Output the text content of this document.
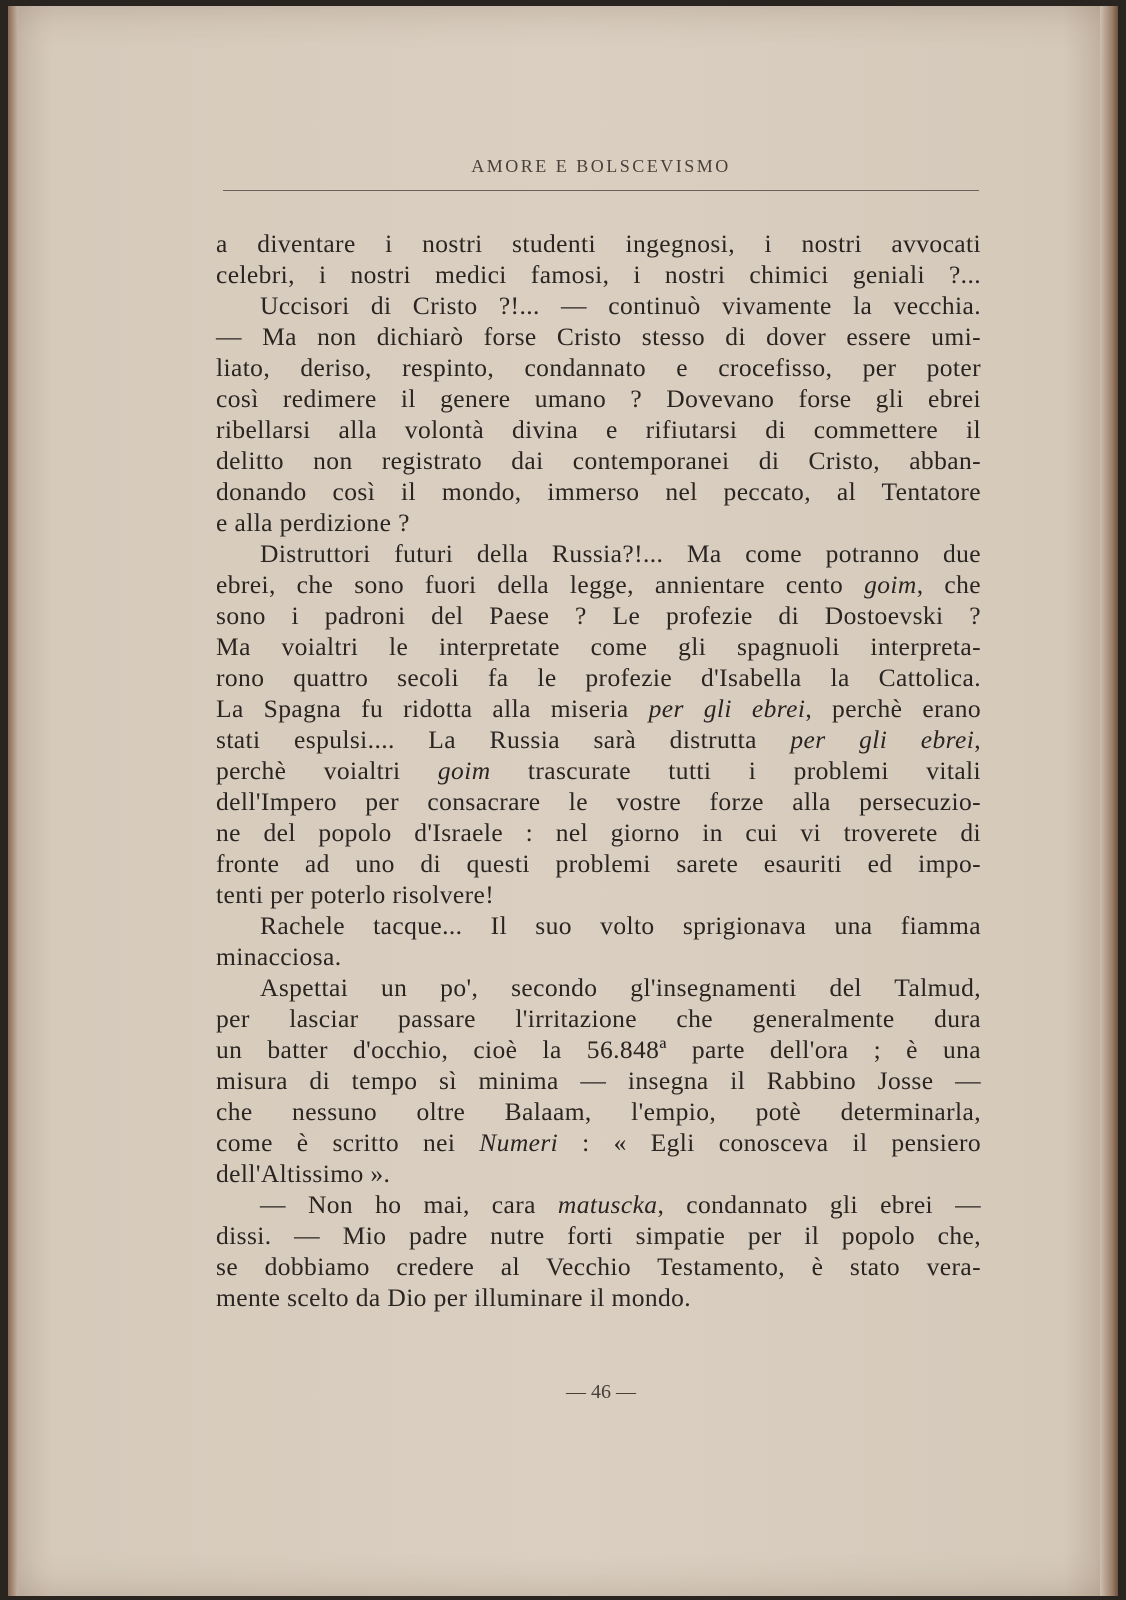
AMORE E BOLSCEVISMO
a diventare i nostri studenti ingegnosi, i nostri avvocati
celebri, i nostri medici famosi, i nostri chimici geniali ?...
Uccisori di Cristo ?!... — continuò vivamente la vecchia.
— Ma non dichiarò forse Cristo stesso di dover essere umi-
liato, deriso, respinto, condannato e crocefisso, per poter
così redimere il genere umano ? Dovevano forse gli ebrei
ribellarsi alla volontà divina e rifiutarsi di commettere il
delitto non registrato dai contemporanei di Cristo, abban-
donando così il mondo, immerso nel peccato, al Tentatore
e alla perdizione ?
Distruttori futuri della Russia?!... Ma come potranno due
ebrei, che sono fuori della legge, annientare cento goim, che
sono i padroni del Paese ? Le profezie di Dostoevski ?
Ma voialtri le interpretate come gli spagnuoli interpreta-
rono quattro secoli fa le profezie d'Isabella la Cattolica.
La Spagna fu ridotta alla miseria per gli ebrei, perchè erano
stati espulsi.... La Russia sarà distrutta per gli ebrei,
perchè voialtri goim trascurate tutti i problemi vitali
dell'Impero per consacrare le vostre forze alla persecuzio-
ne del popolo d'Israele : nel giorno in cui vi troverete di
fronte ad uno di questi problemi sarete esauriti ed impo-
tenti per poterlo risolvere!
Rachele tacque... Il suo volto sprigionava una fiamma
minacciosa.
Aspettai un po', secondo gl'insegnamenti del Talmud,
per lasciar passare l'irritazione che generalmente dura
un batter d'occhio, cioè la 56.848ª parte dell'ora ; è una
misura di tempo sì minima — insegna il Rabbino Josse —
che nessuno oltre Balaam, l'empio, potè determinarla,
come è scritto nei Numeri : « Egli conosceva il pensiero
dell'Altissimo ».
— Non ho mai, cara matuscka, condannato gli ebrei —
dissi. — Mio padre nutre forti simpatie per il popolo che,
se dobbiamo credere al Vecchio Testamento, è stato vera-
mente scelto da Dio per illuminare il mondo.
— 46 —
